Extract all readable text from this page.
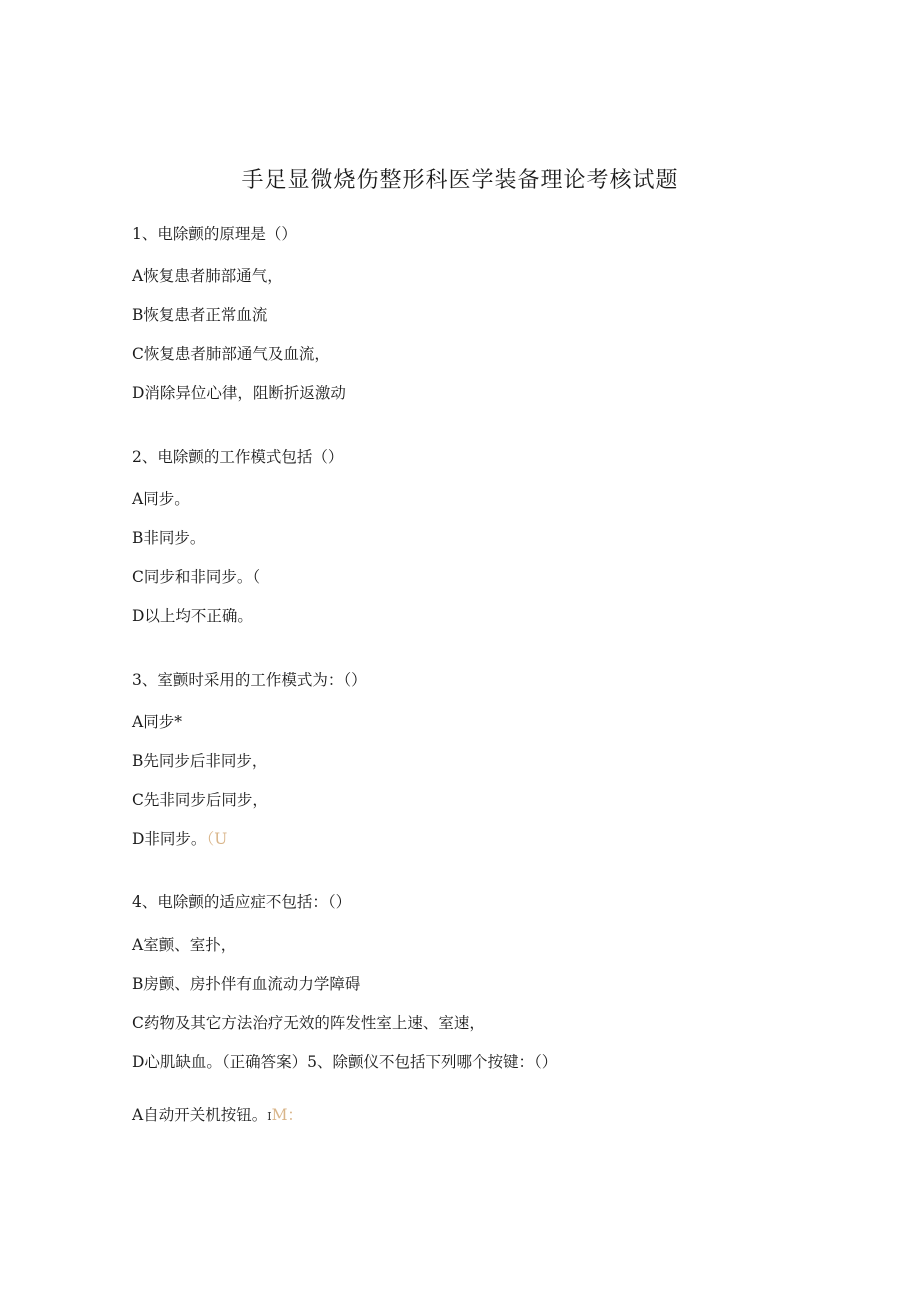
手足显微烧伤整形科医学装备理论考核试题
1、电除颤的原理是（）
A恢复患者肺部通气，
B恢复患者正常血流
C恢复患者肺部通气及血流，
D消除异位心律，阻断折返激动
2、电除颤的工作模式包括（）
A同步。
B非同步。
C同步和非同步。（
D以上均不正确。
3、室颤时采用的工作模式为：（）
A同步*
B先同步后非同步，
C先非同步后同步，
D非同步。（U
4、电除颤的适应症不包括：（）
A室颤、室扑，
B房颤、房扑伴有血流动力学障碍
C药物及其它方法治疗无效的阵发性室上速、室速，
D心肌缺血。（正确答案）5、除颤仪不包括下列哪个按键：（）
A自动开关机按钮。IM：
